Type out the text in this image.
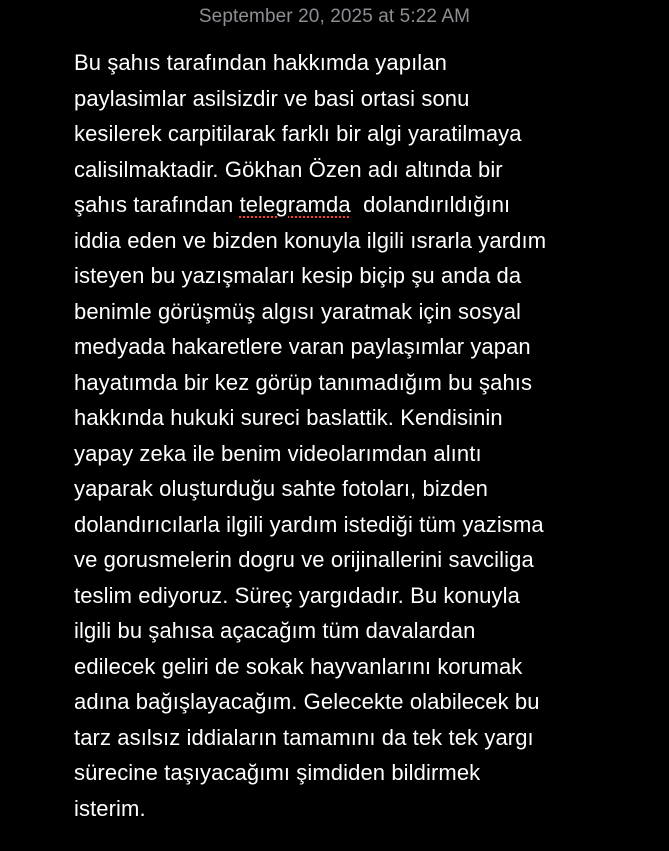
September 20, 2025 at 5:22 AM
Bu şahıs tarafından hakkımda yapılan
paylasimlar asilsizdir ve basi ortasi sonu
kesilerek carpitilarak farklı bir algi yaratilmaya
calisilmaktadir. Gökhan Özen adı altında bir
şahıs tarafından telegramda  dolandırıldığını
iddia eden ve bizden konuyla ilgili ısrarla yardım
isteyen bu yazışmaları kesip biçip şu anda da
benimle görüşmüş algısı yaratmak için sosyal
medyada hakaretlere varan paylaşımlar yapan
hayatımda bir kez görüp tanımadığım bu şahıs
hakkında hukuki sureci baslattik. Kendisinin
yapay zeka ile benim videolarımdan alıntı
yaparak oluşturduğu sahte fotoları, bizden
dolandırıcılarla ilgili yardım istediği tüm yazisma
ve gorusmelerin dogru ve orijinallerini savciliga
teslim ediyoruz. Süreç yargıdadır. Bu konuyla
ilgili bu şahısa açacağım tüm davalardan
edilecek geliri de sokak hayvanlarını korumak
adına bağışlayacağım. Gelecekte olabilecek bu
tarz asılsız iddiaların tamamını da tek tek yargı
sürecine taşıyacağımı şimdiden bildirmek
isterim.
